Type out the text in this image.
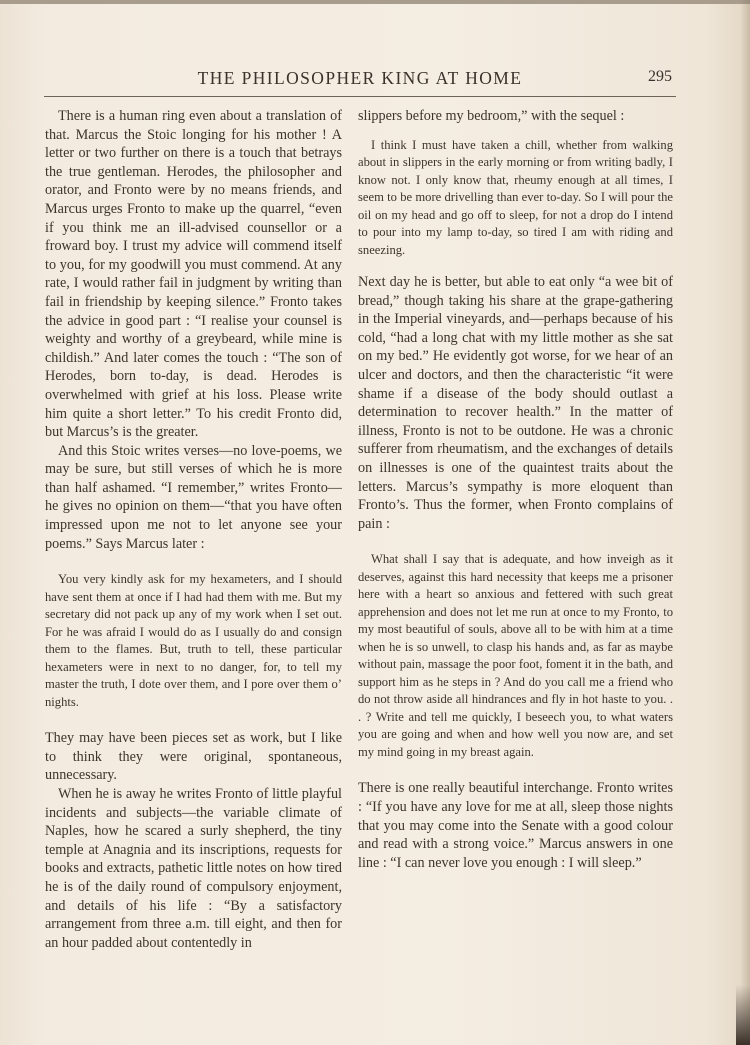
THE PHILOSOPHER KING AT HOME	295

There is a human ring even about a translation of that. Marcus the Stoic longing for his mother ! A letter or two further on there is a touch that betrays the true gentleman. Herodes, the philosopher and orator, and Fronto were by no means friends, and Marcus urges Fronto to make up the quarrel, “even if you think me an ill-advised counsellor or a froward boy. I trust my advice will commend itself to you, for my goodwill you must commend. At any rate, I would rather fail in judgment by writing than fail in friendship by keeping silence.” Fronto takes the advice in good part : “I realise your counsel is weighty and worthy of a greybeard, while mine is childish.” And later comes the touch : “The son of Herodes, born to-day, is dead. Herodes is overwhelmed with grief at his loss. Please write him quite a short letter.” To his credit Fronto did, but Marcus’s is the greater.

And this Stoic writes verses—no love-poems, we may be sure, but still verses of which he is more than half ashamed. “I remember,” writes Fronto—he gives no opinion on them—“that you have often impressed upon me not to let anyone see your poems.” Says Marcus later :

You very kindly ask for my hexameters, and I should have sent them at once if I had had them with me. But my secretary did not pack up any of my work when I set out. For he was afraid I would do as I usually do and consign them to the flames. But, truth to tell, these particular hexameters were in next to no danger, for, to tell my master the truth, I dote over them, and I pore over them o’ nights.

They may have been pieces set as work, but I like to think they were original, spontaneous, unnecessary.

When he is away he writes Fronto of little playful incidents and subjects—the variable climate of Naples, how he scared a surly shepherd, the tiny temple at Anagnia and its inscriptions, requests for books and extracts, pathetic little notes on how tired he is of the daily round of compulsory enjoyment, and details of his life : “By a satisfactory arrangement from three a.m. till eight, and then for an hour padded about contentedly in

slippers before my bedroom,” with the sequel :

I think I must have taken a chill, whether from walking about in slippers in the early morning or from writing badly, I know not. I only know that, rheumy enough at all times, I seem to be more drivelling than ever to-day. So I will pour the oil on my head and go off to sleep, for not a drop do I intend to pour into my lamp to-day, so tired I am with riding and sneezing.

Next day he is better, but able to eat only “a wee bit of bread,” though taking his share at the grape-gathering in the Imperial vineyards, and—perhaps because of his cold, “had a long chat with my little mother as she sat on my bed.” He evidently got worse, for we hear of an ulcer and doctors, and then the characteristic “it were shame if a disease of the body should outlast a determination to recover health.” In the matter of illness, Fronto is not to be outdone. He was a chronic sufferer from rheumatism, and the exchanges of details on illnesses is one of the quaintest traits about the letters. Marcus’s sympathy is more eloquent than Fronto’s. Thus the former, when Fronto complains of pain :

What shall I say that is adequate, and how inveigh as it deserves, against this hard necessity that keeps me a prisoner here with a heart so anxious and fettered with such great apprehension and does not let me run at once to my Fronto, to my most beautiful of souls, above all to be with him at a time when he is so unwell, to clasp his hands and, as far as maybe without pain, massage the poor foot, foment it in the bath, and support him as he steps in ? And do you call me a friend who do not throw aside all hindrances and fly in hot haste to you. . . ? Write and tell me quickly, I beseech you, to what waters you are going and when and how well you now are, and set my mind going in my breast again.

There is one really beautiful interchange. Fronto writes : “If you have any love for me at all, sleep those nights that you may come into the Senate with a good colour and read with a strong voice.” Marcus answers in one line : “I can never love you enough : I will sleep.”
